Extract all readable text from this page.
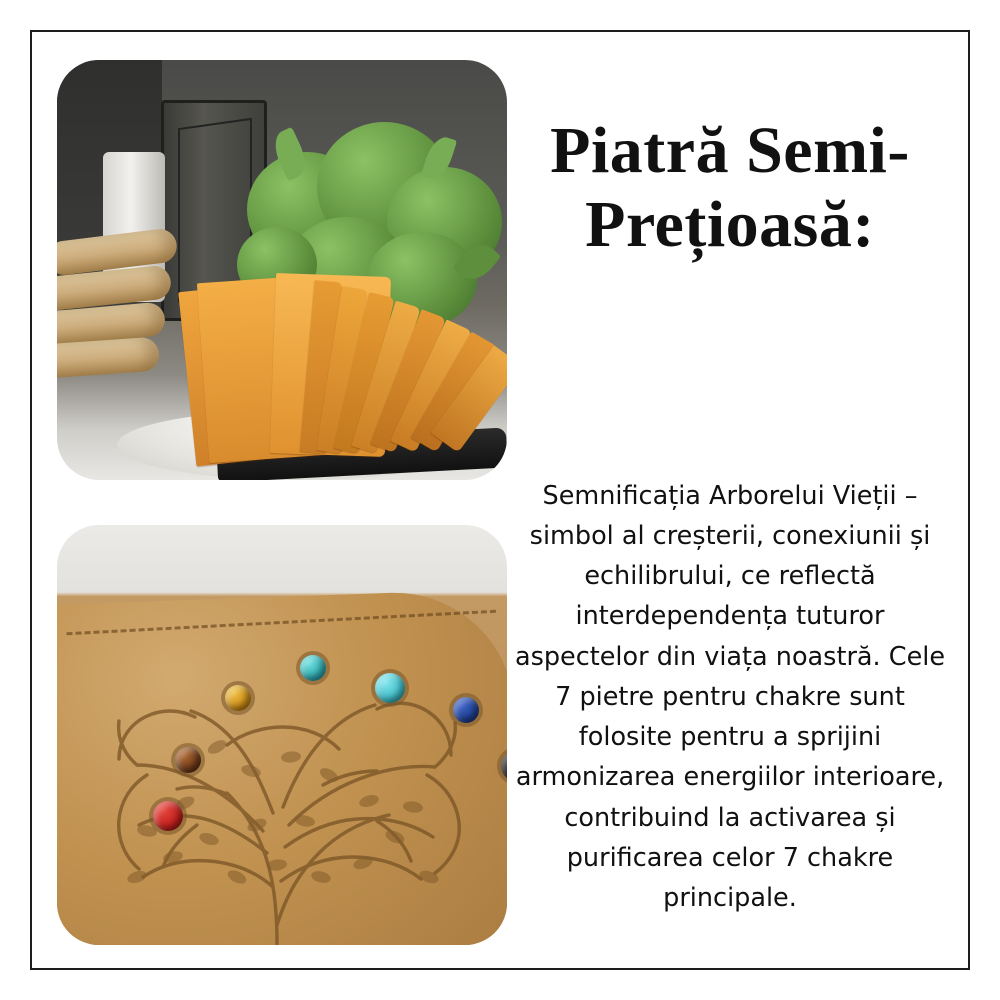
Piatră Semi-Prețioasă:

Semnificația Arborelui Vieții – simbol al creșterii, conexiunii și echilibrului, ce reflectă interdependența tuturor aspectelor din viața noastră. Cele 7 pietre pentru chakre sunt folosite pentru a sprijini armonizarea energiilor interioare, contribuind la activarea și purificarea celor 7 chakre principale.
